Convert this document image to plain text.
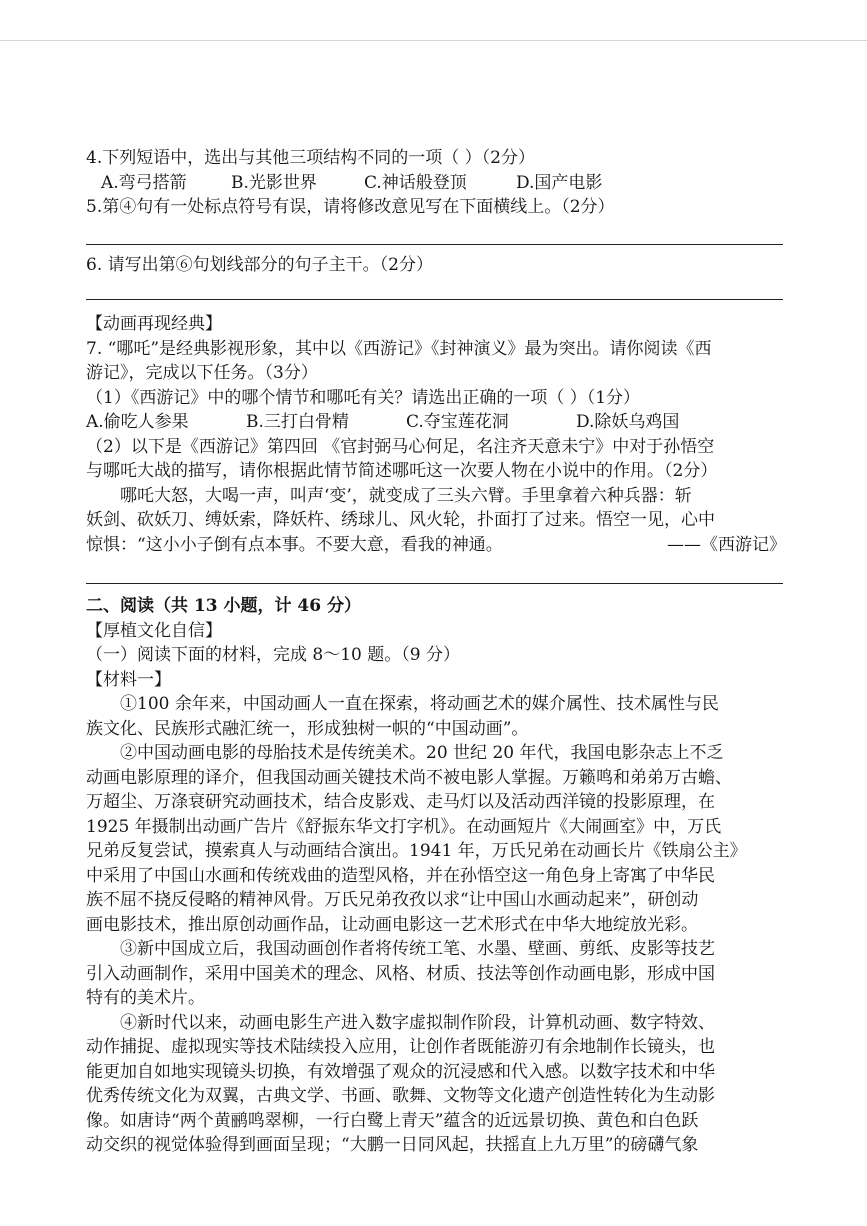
4.下列短语中，选出与其他三项结构不同的一项（ ）（2分）
A.弯弓搭箭	B.光影世界	C.神话般登顶	D.国产电影
5.第④句有一处标点符号有误，请将修改意见写在下面横线上。（2分）
6. 请写出第⑥句划线部分的句子主干。（2分）
【动画再现经典】
7. “哪吒”是经典影视形象，其中以《西游记》《封神演义》最为突出。请你阅读《西
游记》，完成以下任务。（3分）
（1）《西游记》中的哪个情节和哪吒有关？请选出正确的一项（ ）（1分）
A.偷吃人参果	B.三打白骨精	C.夺宝莲花洞	D.除妖乌鸡国
（2）以下是《西游记》第四回 《官封弼马心何足，名注齐天意未宁》中对于孙悟空
与哪吒大战的描写，请你根据此情节简述哪吒这一次要人物在小说中的作用。（2分）
哪吒大怒，大喝一声，叫声‘变’，就变成了三头六臂。手里拿着六种兵器：斩
妖剑、砍妖刀、缚妖索，降妖杵、绣球儿、风火轮，扑面打了过来。悟空一见，心中
惊惧：“这小小子倒有点本事。不要大意，看我的神通。	——《西游记》
二、阅读（共 13 小题，计 46 分）
【厚植文化自信】
（一）阅读下面的材料，完成 8～10 题。（9 分）
【材料一】
①100 余年来，中国动画人一直在探索，将动画艺术的媒介属性、技术属性与民
族文化、民族形式融汇统一，形成独树一帜的“中国动画”。
②中国动画电影的母胎技术是传统美术。20 世纪 20 年代，我国电影杂志上不乏
动画电影原理的译介，但我国动画关键技术尚不被电影人掌握。万籁鸣和弟弟万古蟾、
万超尘、万涤衰研究动画技术，结合皮影戏、走马灯以及活动西洋镜的投影原理，在
1925 年摄制出动画广告片《舒振东华文打字机》。在动画短片《大闹画室》中，万氏
兄弟反复尝试，摸索真人与动画结合演出。1941 年，万氏兄弟在动画长片《铁扇公主》
中采用了中国山水画和传统戏曲的造型风格，并在孙悟空这一角色身上寄寓了中华民
族不屈不挠反侵略的精神风骨。万氏兄弟孜孜以求“让中国山水画动起来”，研创动
画电影技术，推出原创动画作品，让动画电影这一艺术形式在中华大地绽放光彩。
③新中国成立后，我国动画创作者将传统工笔、水墨、壁画、剪纸、皮影等技艺
引入动画制作，采用中国美术的理念、风格、材质、技法等创作动画电影，形成中国
特有的美术片。
④新时代以来，动画电影生产进入数字虚拟制作阶段，计算机动画、数字特效、
动作捕捉、虚拟现实等技术陆续投入应用，让创作者既能游刃有余地制作长镜头，也
能更加自如地实现镜头切换，有效增强了观众的沉浸感和代入感。以数字技术和中华
优秀传统文化为双翼，古典文学、书画、歌舞、文物等文化遗产创造性转化为生动影
像。如唐诗“两个黄鹂鸣翠柳，一行白鹭上青天”蕴含的近远景切换、黄色和白色跃
动交织的视觉体验得到画面呈现；“大鹏一日同风起，扶摇直上九万里”的磅礴气象
